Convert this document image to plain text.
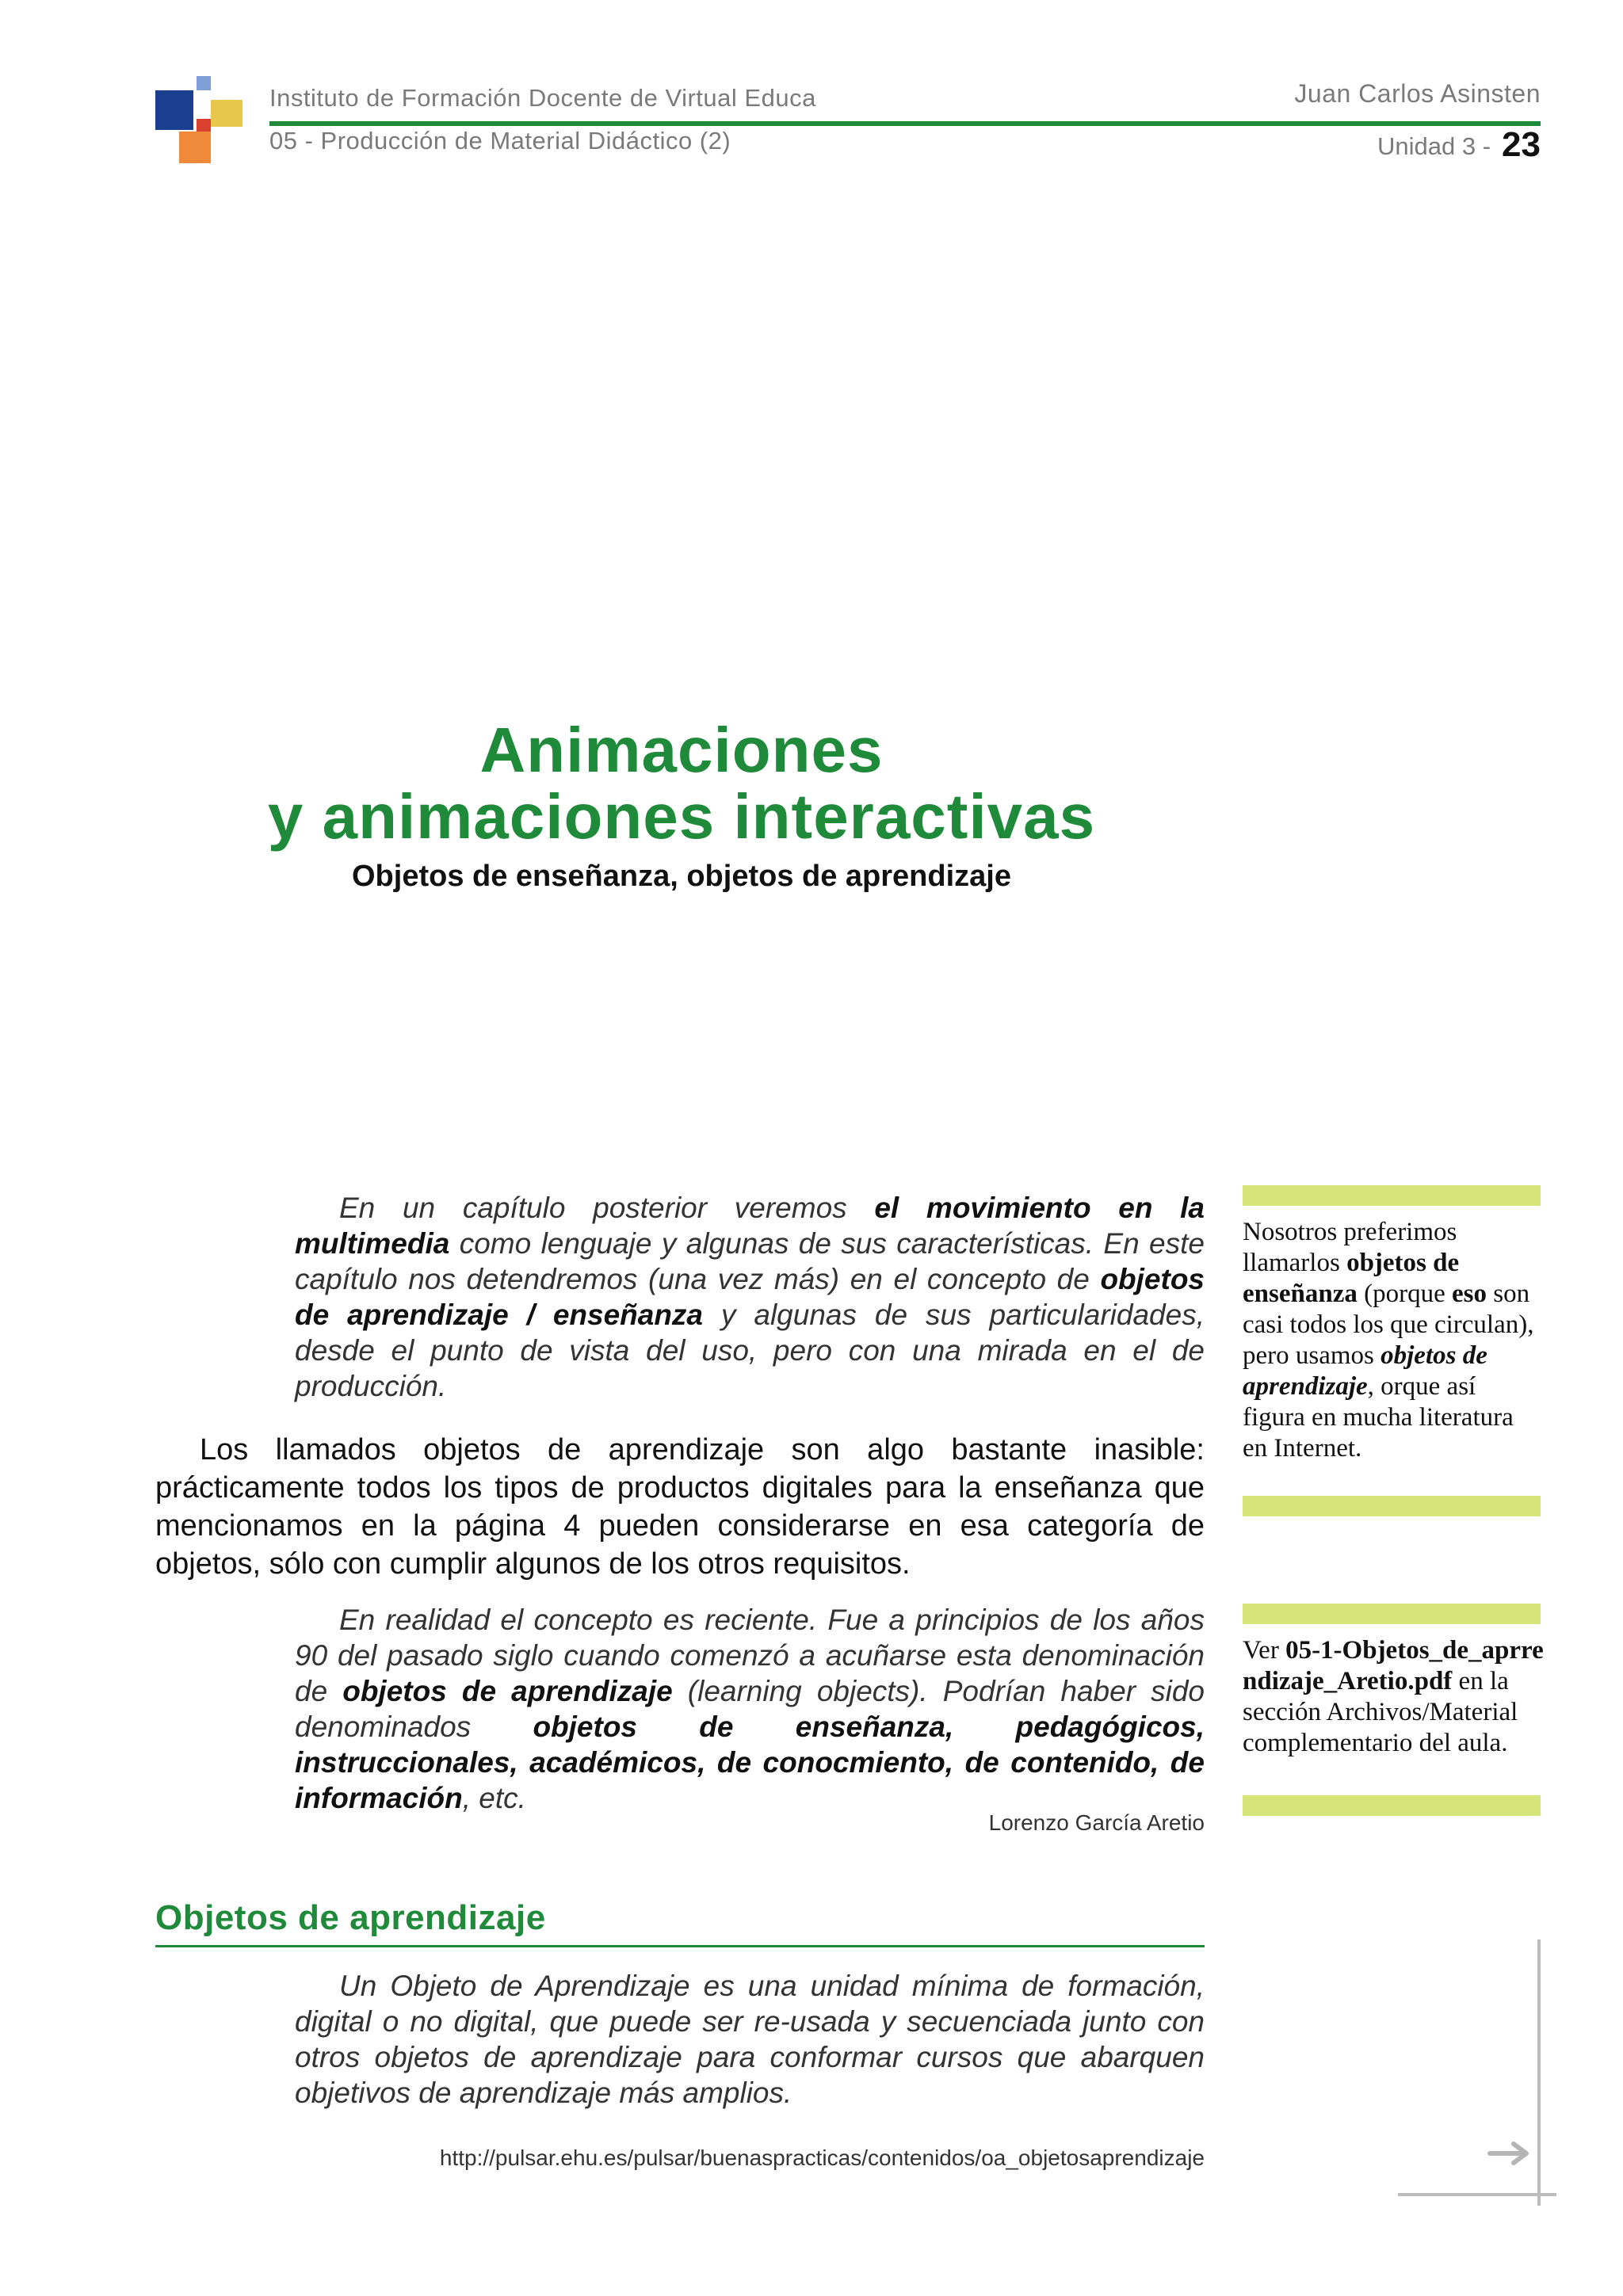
Instituto de Formación Docente de Virtual Educa
05 - Producción de Material Didáctico (2)
Juan Carlos Asinsten
Unidad 3 - 23
Animaciones
y animaciones interactivas
Objetos de enseñanza, objetos de aprendizaje
En un capítulo posterior veremos el movimiento en la multimedia como lenguaje y algunas de sus características. En este capítulo nos detendremos (una vez más) en el concepto de objetos de aprendizaje / enseñanza y algunas de sus particularidades, desde el punto de vista del uso, pero con una mirada en el de producción.
Los llamados objetos de aprendizaje son algo bastante inasible: prácticamente todos los tipos de productos digitales para la enseñanza que mencionamos en la página 4 pueden considerarse en esa categoría de objetos, sólo con cumplir algunos de los otros requisitos.
En realidad el concepto es reciente. Fue a principios de los años 90 del pasado siglo cuando comenzó a acuñarse esta denominación de objetos de aprendizaje (learning objects). Podrían haber sido denominados objetos de enseñanza, pedagógicos, instruccionales, académicos, de conocmiento, de contenido, de información, etc.
Lorenzo García Aretio
Objetos de aprendizaje
Un Objeto de Aprendizaje es una unidad mínima de formación, digital o no digital, que puede ser re-usada y secuenciada junto con otros objetos de aprendizaje para conformar cursos que abarquen objetivos de aprendizaje más amplios.
http://pulsar.ehu.es/pulsar/buenaspracticas/contenidos/oa_objetosaprendizaje
Nosotros preferimos llamarlos objetos de enseñanza (porque eso son casi todos los que circulan), pero usamos objetos de aprendizaje, orque así figura en mucha literatura en Internet.
Ver 05-1-Objetos_de_aprrendizaje_Aretio.pdf en la sección Archivos/Material complementario del aula.
